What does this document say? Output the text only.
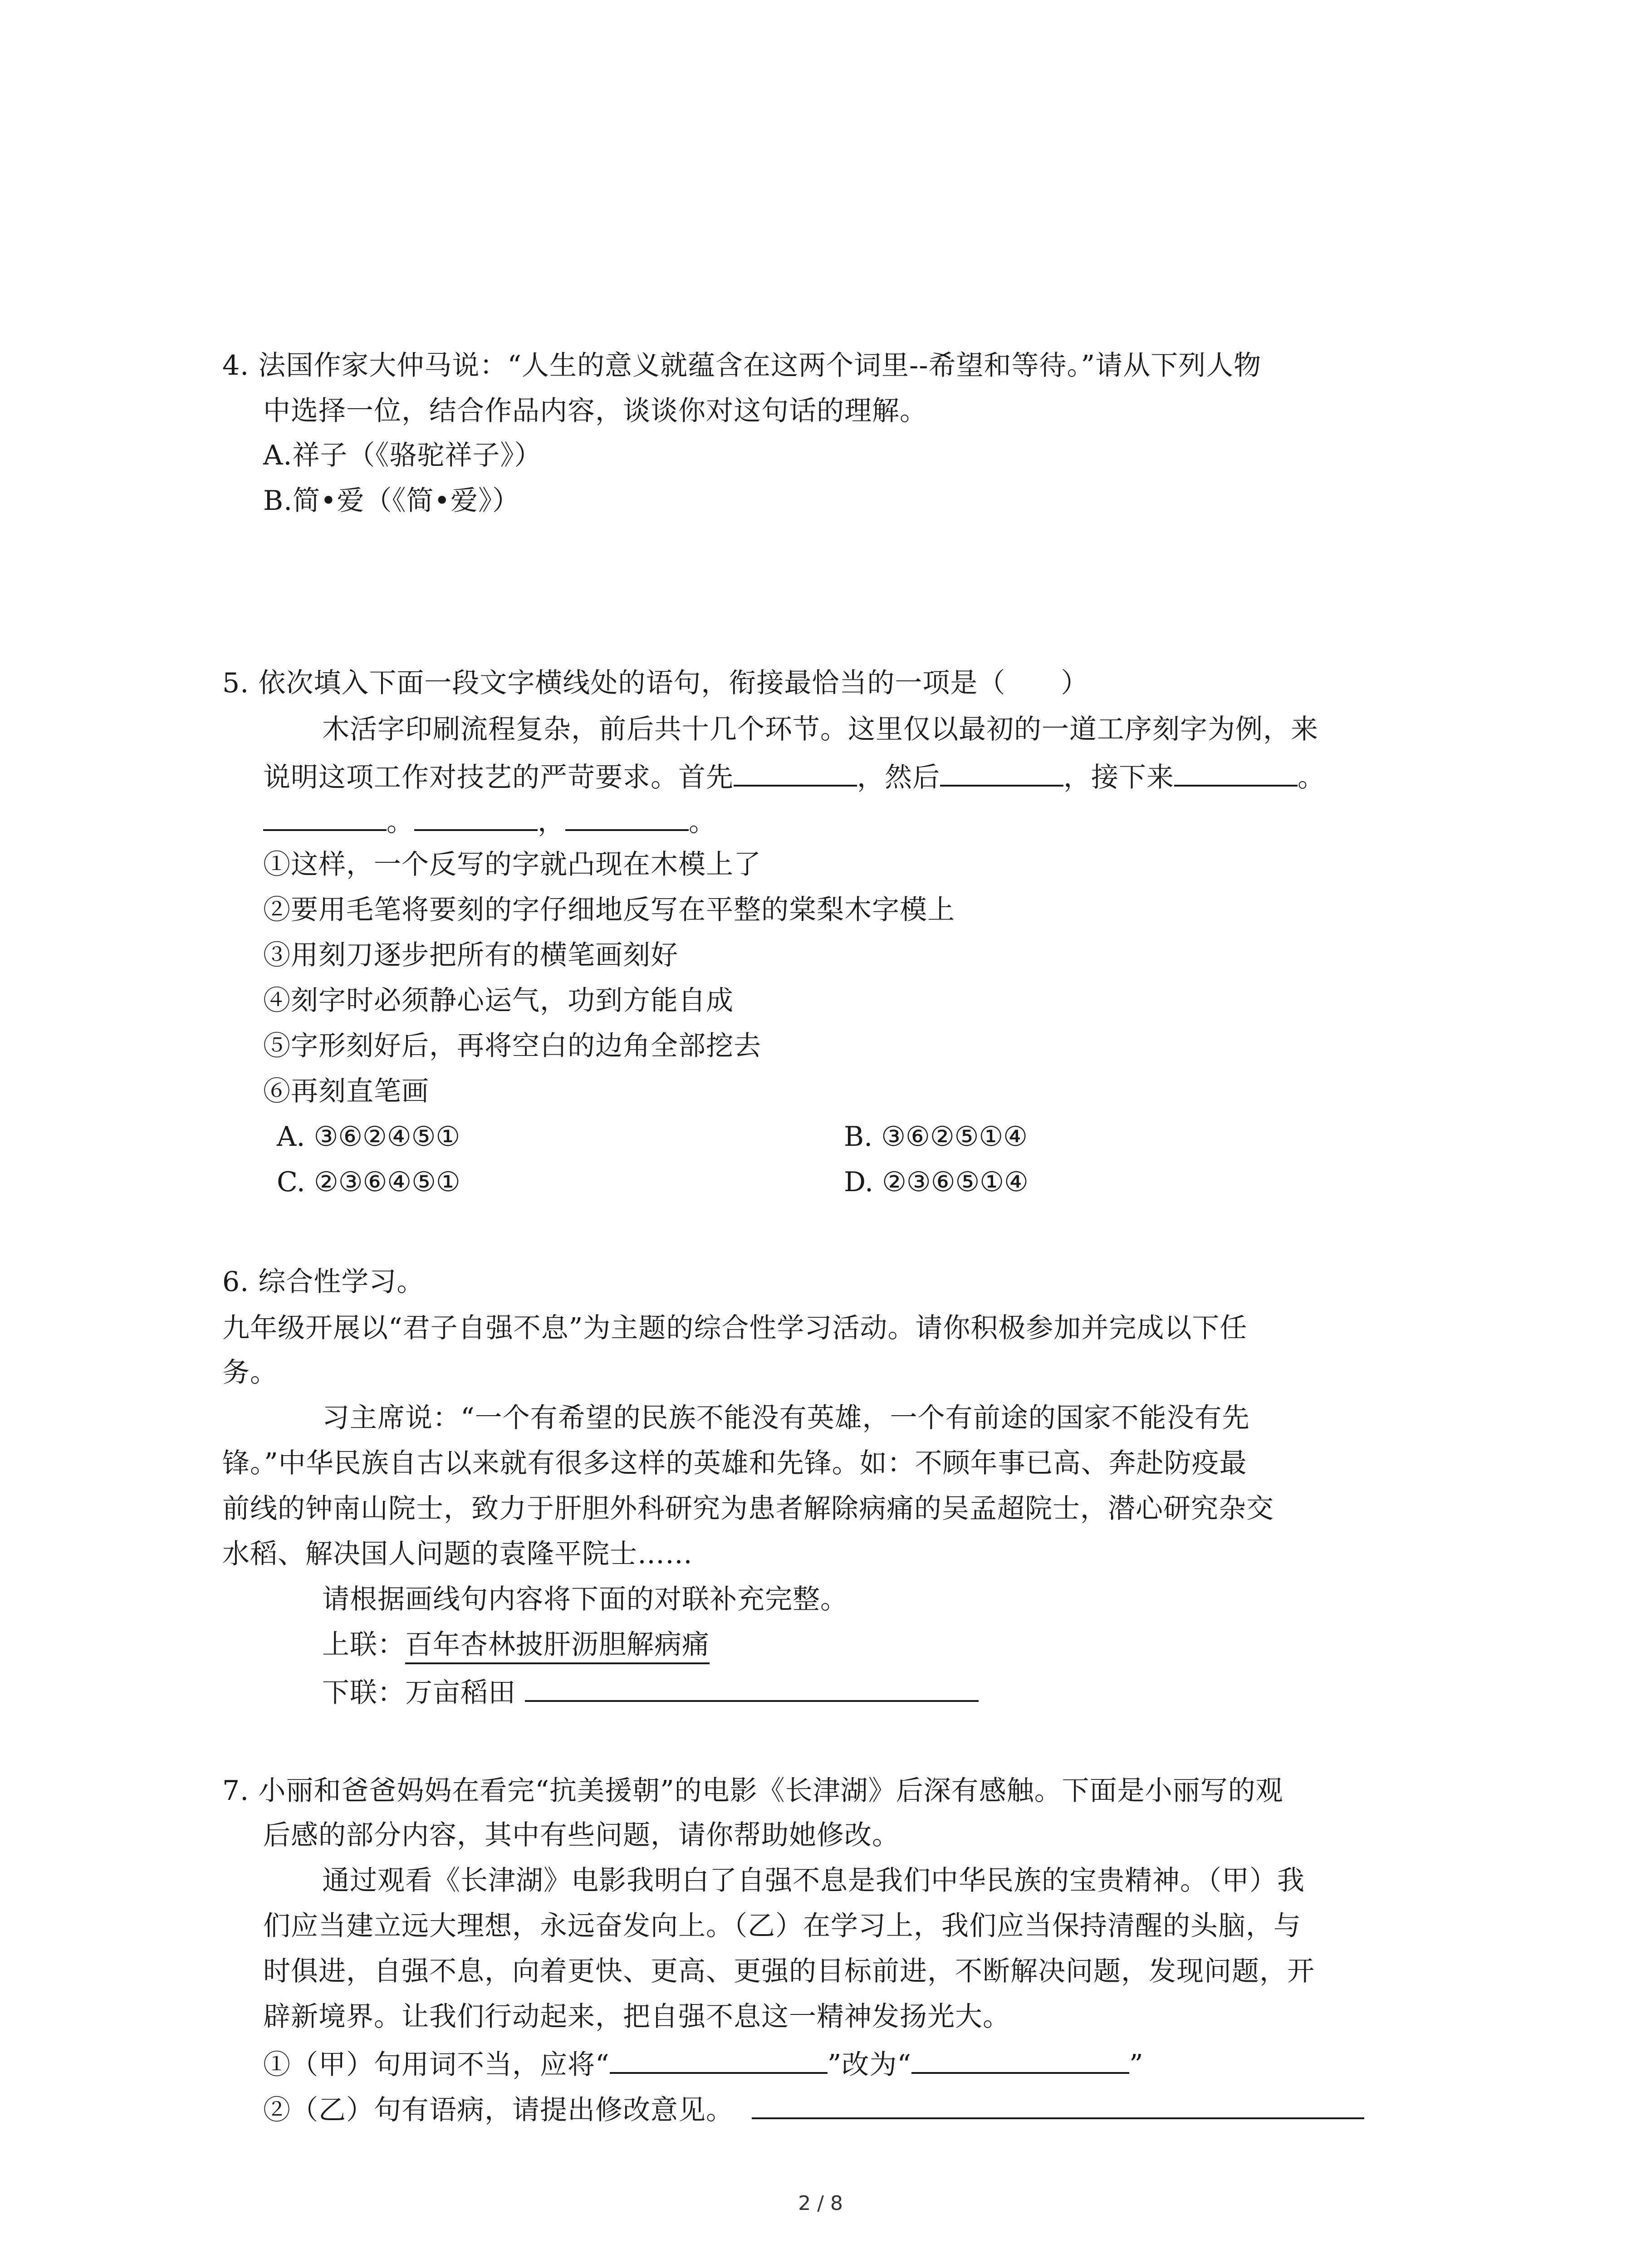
4. 法国作家大仲马说：“人生的意义就蕴含在这两个词里--希望和等待。”请从下列人物
中选择一位，结合作品内容，谈谈你对这句话的理解。
A.祥子（《骆驼祥子》）
B.简•爱（《简•爱》）
5. 依次填入下面一段文字横线处的语句，衔接最恰当的一项是（　　）
木活字印刷流程复杂，前后共十几个环节。这里仅以最初的一道工序刻字为例，来
说明这项工作对技艺的严苛要求。首先	，然后	，接下来	。
。	，	。
①这样，一个反写的字就凸现在木模上了
②要用毛笔将要刻的字仔细地反写在平整的棠梨木字模上
③用刻刀逐步把所有的横笔画刻好
④刻字时必须静心运气，功到方能自成
⑤字形刻好后，再将空白的边角全部挖去
⑥再刻直笔画
A. ③⑥②④⑤①	B. ③⑥②⑤①④
C. ②③⑥④⑤①	D. ②③⑥⑤①④
6. 综合性学习。
九年级开展以“君子自强不息”为主题的综合性学习活动。请你积极参加并完成以下任
务。
习主席说：“一个有希望的民族不能没有英雄，一个有前途的国家不能没有先
锋。”中华民族自古以来就有很多这样的英雄和先锋。如：不顾年事已高、奔赴防疫最
前线的钟南山院士，致力于肝胆外科研究为患者解除病痛的吴孟超院士，潜心研究杂交
水稻、解决国人问题的袁隆平院士……
请根据画线句内容将下面的对联补充完整。
上联：百年杏林披肝沥胆解病痛
下联：万亩稻田
7. 小丽和爸爸妈妈在看完“抗美援朝”的电影《长津湖》后深有感触。下面是小丽写的观
后感的部分内容，其中有些问题，请你帮助她修改。
通过观看《长津湖》电影我明白了自强不息是我们中华民族的宝贵精神。（甲）我
们应当建立远大理想，永远奋发向上。（乙）在学习上，我们应当保持清醒的头脑，与
时俱进，自强不息，向着更快、更高、更强的目标前进，不断解决问题，发现问题，开
辟新境界。让我们行动起来，把自强不息这一精神发扬光大。
①（甲）句用词不当，应将“	”改为“	”
②（乙）句有语病，请提出修改意见。
2 / 8
